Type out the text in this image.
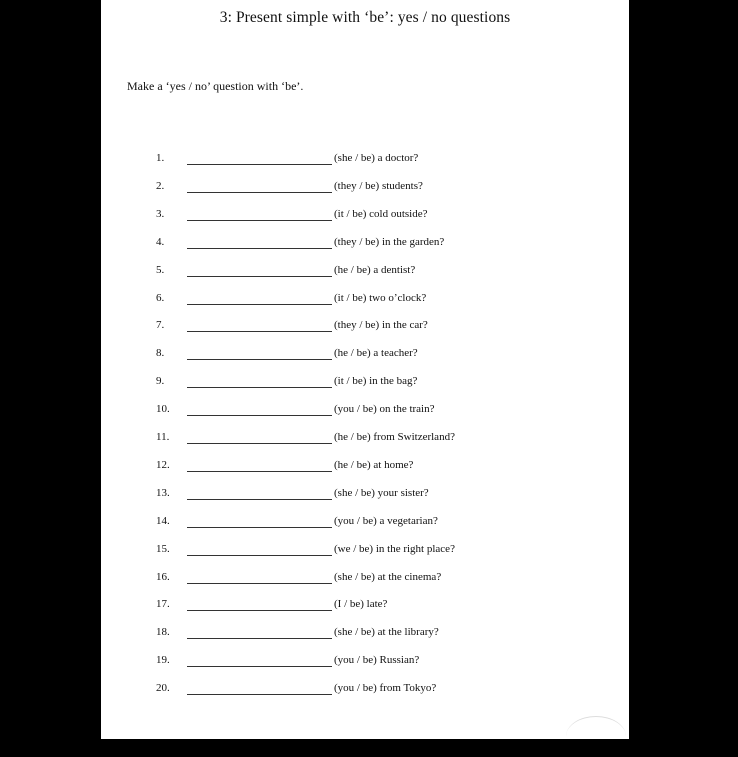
3: Present simple with ‘be’: yes / no questions
Make a ‘yes / no’ question with ‘be’.
1.	(she / be) a doctor?
2.	(they / be) students?
3.	(it / be) cold outside?
4.	(they / be) in the garden?
5.	(he / be) a dentist?
6.	(it / be) two o’clock?
7.	(they / be) in the car?
8.	(he / be) a teacher?
9.	(it / be) in the bag?
10.	(you / be) on the train?
11.	(he / be) from Switzerland?
12.	(he / be) at home?
13.	(she / be) your sister?
14.	(you / be) a vegetarian?
15.	(we / be) in the right place?
16.	(she / be) at the cinema?
17.	(I / be) late?
18.	(she / be) at the library?
19.	(you / be) Russian?
20.	(you / be) from Tokyo?
